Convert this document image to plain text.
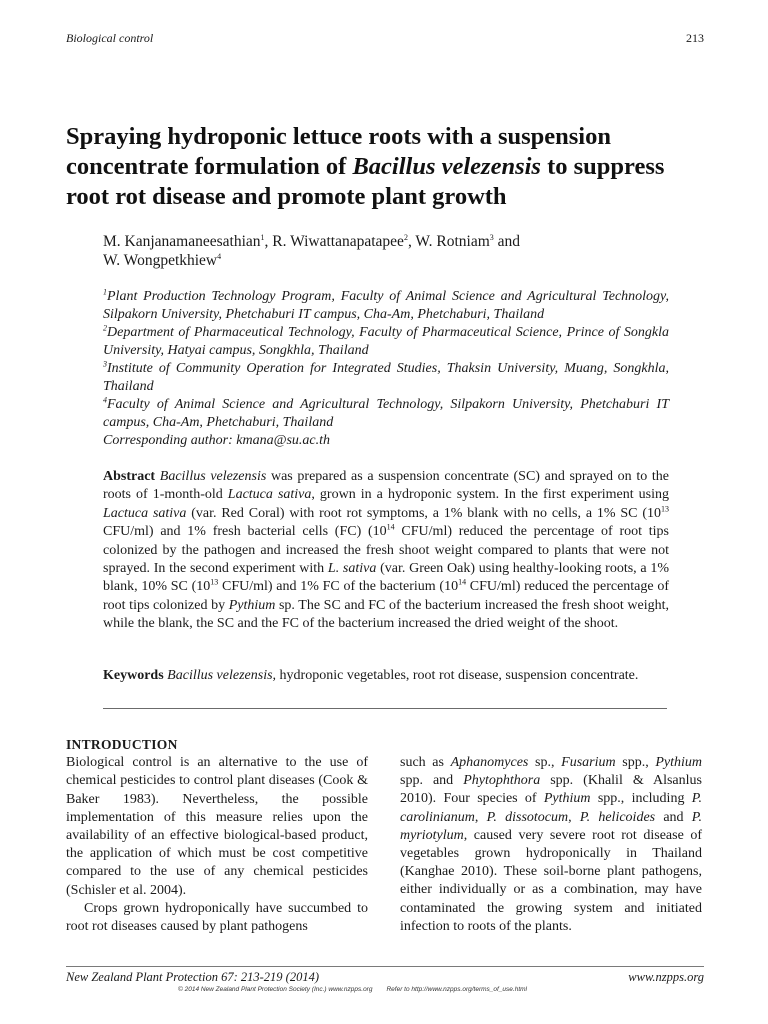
Biological control	213
Spraying hydroponic lettuce roots with a suspension concentrate formulation of Bacillus velezensis to suppress root rot disease and promote plant growth
M. Kanjanamaneesathian$^1$, R. Wiwattanapatapee$^2$, W. Rotniam$^3$ and
W. Wongpetkhiew$^4$

$^1$Plant Production Technology Program, Faculty of Animal Science and Agricultural Technology, Silpakorn University, Phetchaburi IT campus, Cha-Am, Phetchaburi, Thailand

$^2$Department of Pharmaceutical Technology, Faculty of Pharmaceutical Science, Prince of Songkla University, Hatyai campus, Songkhla, Thailand

$^3$Institute of Community Operation for Integrated Studies, Thaksin University, Muang, Songkhla, Thailand

$^4$Faculty of Animal Science and Agricultural Technology, Silpakorn University, Phetchaburi IT campus, Cha-Am, Phetchaburi, Thailand

Corresponding author: kmana@su.ac.th

Abstract Bacillus velezensis was prepared as a suspension concentrate (SC) and sprayed on to the roots of 1-month-old Lactuca sativa, grown in a hydroponic system. In the first experiment using Lactuca sativa (var. Red Coral) with root rot symptoms, a 1% blank with no cells, a 1% SC ($10^{13}$ CFU/ml) and 1% fresh bacterial cells (FC) ($10^{14}$ CFU/ml) reduced the percentage of root tips colonized by the pathogen and increased the fresh shoot weight compared to plants that were not sprayed. In the second experiment with L. sativa (var. Green Oak) using healthy-looking roots, a 1% blank, 10% SC ($10^{13}$ CFU/ml) and 1% FC of the bacterium ($10^{14}$ CFU/ml) reduced the percentage of root tips colonized by Pythium sp. The SC and FC of the bacterium increased the fresh shoot weight, while the blank, the SC and the FC of the bacterium increased the dried weight of the shoot.
Keywords Bacillus velezensis, hydroponic vegetables, root rot disease, suspension concentrate.
INTRODUCTION

Biological control is an alternative to the use of chemical pesticides to control plant diseases (Cook & Baker 1983). Nevertheless, the possible implementation of this measure relies upon the availability of an effective biological-based product, the application of which must be cost competitive compared to the use of any chemical pesticides (Schisler et al. 2004).

Crops grown hydroponically have succumbed to root rot diseases caused by plant pathogens

such as Aphanomyces sp., Fusarium spp., Pythium spp. and Phytophthora spp. (Khalil & Alsanlus 2010). Four species of Pythium spp., including P. carolinianum, P. dissotocum, P. helicoides and P. myriotylum, caused very severe root rot disease of vegetables grown hydroponically in Thailand (Kanghae 2010). These soil-borne plant pathogens, either individually or as a combination, may have contaminated the growing system and initiated infection to roots of the plants.
New Zealand Plant Protection 67: 213-219 (2014)	www.nzpps.org
© 2014 New Zealand Plant Protection Society (Inc.) www.nzpps.org Refer to http://www.nzpps.org/terms_of_use.html
